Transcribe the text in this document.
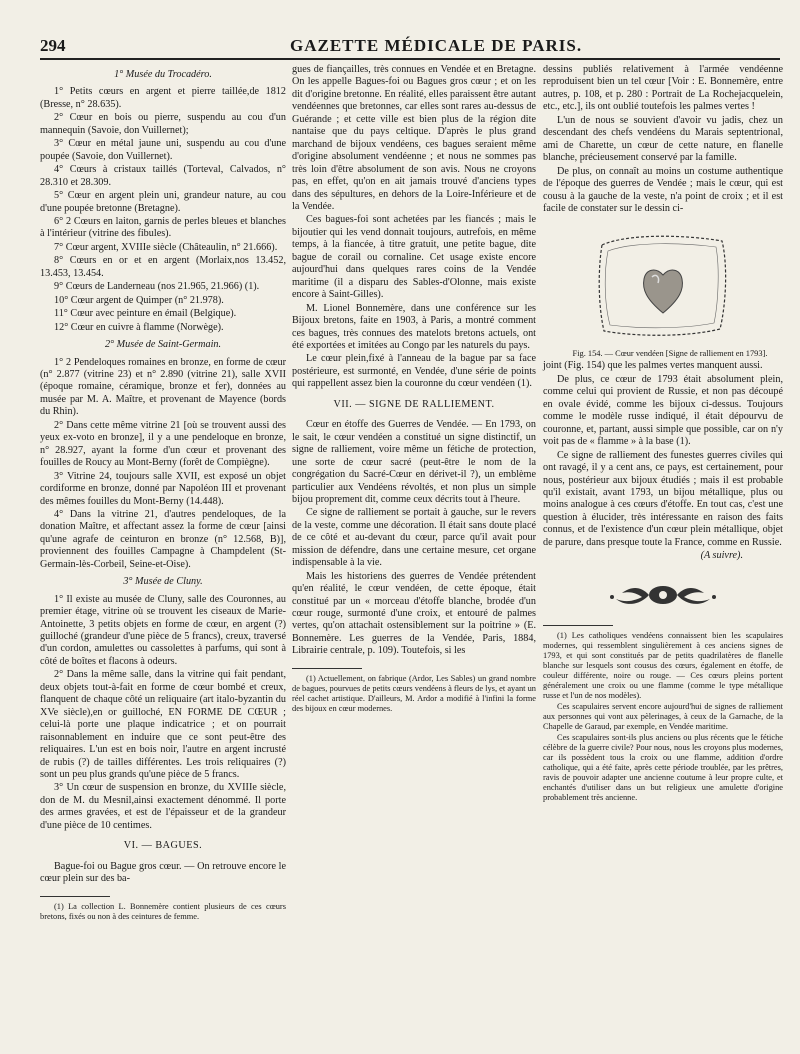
294	GAZETTE MÉDICALE DE PARIS.

1° Musée du Trocadéro.

1° Petits cœurs en argent et pierre taillée,de 1812 (Bresse, n° 28.635).

2° Cœur en bois ou pierre, suspendu au cou d'un mannequin (Savoie, don Vuillernet);

3° Cœur en métal jaune uni, suspendu au cou d'une poupée (Savoie, don Vuillernet).

4° Cœurs à cristaux taillés (Torteval, Calvados, n° 28.310 et 28.309.

5° Cœur en argent plein uni, grandeur nature, au cou d'une poupée bretonne (Bretagne).

6° 2 Cœurs en laiton, garnis de perles bleues et blanches à l'intérieur (vitrine des fibules).

7° Cœur argent, XVIIIe siècle (Châteaulin, n° 21.666).

8° Cœurs en or et en argent (Morlaix,nos 13.452, 13.453, 13.454.

9° Cœurs de Landerneau (nos 21.965, 21.966) (1).

10° Cœur argent de Quimper (n° 21.978).

11° Cœur avec peinture en émail (Belgique).

12° Cœur en cuivre à flamme (Norwège).

2° Musée de Saint-Germain.

1° 2 Pendeloques romaines en bronze, en forme de cœur (n° 2.877 (vitrine 23) et n° 2.890 (vitrine 21), salle XVII (époque romaine, céramique, bronze et fer), données au musée par M. A. Maître, et provenant de Mayence (bords du Rhin).

2° Dans cette même vitrine 21 [où se trouvent aussi des yeux ex-voto en bronze], il y a une pendeloque en bronze, n° 28.927, ayant la forme d'un cœur et provenant des fouilles de Roucy au Mont-Berny (forêt de Compiègne).

3° Vitrine 24, toujours salle XVII, est exposé un objet cordiforme en bronze, donné par Napoléon III et provenant des mêmes fouilles du Mont-Berny (14.448).

4° Dans la vitrine 21, d'autres pendeloques, de la donation Maître, et affectant assez la forme de cœur [ainsi qu'une agrafe de ceinturon en bronze (n° 12.568, B)], proviennent des fouilles Campagne à Champdelent (St-Germain-lès-Corbeil, Seine-et-Oise).

3° Musée de Cluny.

1° Il existe au musée de Cluny, salle des Couronnes, au premier étage, vitrine où se trouvent les ciseaux de Marie-Antoinette, 3 petits objets en forme de cœur, en argent (?) guilloché (grandeur d'une pièce de 5 francs), creux, traversé d'un cordon, amulettes ou cassolettes à parfums, qui sont à côté de boîtes et flacons à odeurs.

2° Dans la même salle, dans la vitrine qui fait pendant, deux objets tout-à-fait en forme de cœur bombé et creux, flanquent de chaque côté un reliquaire (art italo-byzantin du XVe siècle),en or guilloché, EN FORME DE CŒUR ; celui-là porte une plaque indicatrice ; et on pourrait raisonnablement en induire que ce sont peut-être des reliquaires. L'un est en bois noir, l'autre en argent incrusté de rubis (?) de tailles différentes. Les trois reliquaires (?) sont un peu plus grands qu'une pièce de 5 francs.

3° Un cœur de suspension en bronze, du XVIIIe siècle, don de M. du Mesnil,ainsi exactement dénommé. Il porte des armes gravées, et est de l'épaisseur et de la grandeur d'une pièce de 10 centimes.

VI. — BAGUES.

Bague-foi ou Bague gros cœur. — On retrouve encore le cœur plein sur des ba-

(1) La collection L. Bonnemère contient plusieurs de ces cœurs bretons, fixés ou non à des ceintures de femme.

gues de fiançailles, très connues en Vendée et en Bretagne. On les appelle Bagues-foi ou Bagues gros cœur ; et on les dit d'origine bretonne. En réalité, elles paraissent être autant vendéennes que bretonnes, car elles sont rares au-dessus de Guérande ; et cette ville est bien plus de la région dite nantaise que du pays celtique. D'après le plus grand marchand de bijoux vendéens, ces bagues seraient même d'origine absolument vendéenne ; et nous ne sommes pas très loin d'être absolument de son avis. Nous ne croyons pas, en effet, qu'on en ait jamais trouvé d'anciens types dans des sépultures, en dehors de la Loire-Inférieure et de la Vendée.

Ces bagues-foi sont achetées par les fiancés ; mais le bijoutier qui les vend donnait toujours, autrefois, en même temps, à la fiancée, à titre gratuit, une petite bague, dite bague de corail ou cornaline. Cet usage existe encore aujourd'hui dans quelques rares coins de la Vendée maritime (il a disparu des Sables-d'Olonne, mais existe encore à Saint-Gilles).

M. Lionel Bonnemère, dans une conférence sur les Bijoux bretons, faite en 1903, à Paris, a montré comment ces bagues, très connues des matelots bretons actuels, ont été exportées et imitées au Congo par les naturels du pays.

Le cœur plein,fixé à l'anneau de la bague par sa face postérieure, est surmonté, en Vendée, d'une série de points qui rappellent assez bien la couronne du cœur vendéen (1).

VII. — SIGNE DE RALLIEMENT.

Cœur en étoffe des Guerres de Vendée. — En 1793, on le sait, le cœur vendéen a constitué un signe distinctif, un signe de ralliement, voire même un fétiche de protection, une sorte de cœur sacré (peut-être le nom de la congrégation du Sacré-Cœur en dérivet-il ?), un emblème particulier aux Vendéens révoltés, et non plus un simple bijou proprement dit, comme ceux décrits tout à l'heure.

Ce signe de ralliement se portait à gauche, sur le revers de la veste, comme une décoration. Il était sans doute placé de ce côté et au-devant du cœur, parce qu'il avait pour mission de défendre, dans une certaine mesure, cet organe indispensable à la vie.

Mais les historiens des guerres de Vendée prétendent qu'en réalité, le cœur vendéen, de cette époque, était constitué par un « morceau d'étoffe blanche, brodée d'un cœur rouge, surmonté d'une croix, et entouré de palmes vertes, qu'on attachait ostensiblement sur la poitrine » (E. Bonnemère. Les guerres de la Vendée, Paris, 1884, Librairie centrale, p. 109). Toutefois, si les

(1) Actuellement, on fabrique (Ardor, Les Sables) un grand nombre de bagues, pourvues de petits cœurs vendéens à fleurs de lys, et ayant un réel cachet artistique. D'ailleurs, M. Ardor a modifié à l'infini la forme des bijoux en cœur modernes.

dessins publiés relativement à l'armée vendéenne reproduisent bien un tel cœur [Voir : E. Bonnemère, entre autres, p. 108, et p. 280 : Portrait de La Rochejacquelein, etc., etc.], ils ont oublié toutefois les palmes vertes !

L'un de nous se souvient d'avoir vu jadis, chez un descendant des chefs vendéens du Marais septentrional, ami de Charette, un cœur de cette nature, en flanelle blanche, précieusement conservé par la famille.

De plus, on connaît au moins un costume authentique de l'époque des guerres de Vendée ; mais le cœur, qui est cousu à la gauche de la veste, n'a point de croix ; et il est facile de constater sur le dessin ci-

Fig. 154. — Cœur vendéen [Signe de ralliement en 1793].

joint (Fig. 154) que les palmes vertes manquent aussi.

De plus, ce cœur de 1793 était absolument plein, comme celui qui provient de Russie, et non pas découpé en ovale évidé, comme les bijoux ci-dessus. Toujours comme le modèle russe indiqué, il était dépourvu de couronne, et, partant, aussi simple que possible, car on n'y voit pas de « flamme » à la base (1).

Ce signe de ralliement des funestes guerres civiles qui ont ravagé, il y a cent ans, ce pays, est certainement, pour nous, postérieur aux bijoux étudiés ; mais il est probable qu'il existait, avant 1793, un bijou métallique, plus ou moins analogue à ces cœurs d'étoffe. En tout cas, c'est une question à élucider, très intéressante en raison des faits connus, et de l'existence d'un cœur plein métallique, objet de parure, dans presque toute la France, comme en Russie.

(A suivre).

(1) Les catholiques vendéens connaissent bien les scapulaires modernes, qui ressemblent singulièrement à ces anciens signes de 1793, et qui sont constitués par de petits quadrilatères de flanelle blanche sur lesquels sont cousus des cœurs, également en étoffe, de couleur différente, noire ou rouge. — Ces cœurs pleins portent généralement une croix ou une flamme (comme le type métallique russe et l'un de nos modèles).

Ces scapulaires servent encore aujourd'hui de signes de ralliement aux personnes qui vont aux pèlerinages, à ceux de la Garnache, de la Chapelle de Garaud, par exemple, en Vendée maritime.

Ces scapulaires sont-ils plus anciens ou plus récents que le fétiche célèbre de la guerre civile? Pour nous, nous les croyons plus modernes, car ils possèdent tous la croix ou une flamme, addition d'ordre catholique, qui a été faite, après cette période troublée, par les prêtres, ravis de pouvoir adapter une ancienne coutume à leur propre culte, et enchantés d'utiliser dans un but religieux une amulette d'origine probablement très ancienne.
